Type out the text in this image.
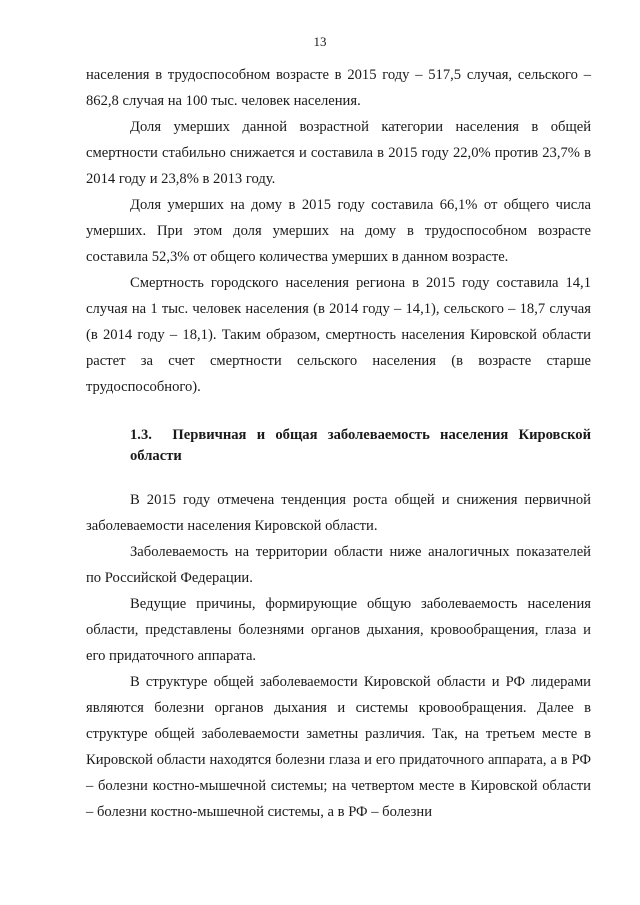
13

населения в трудоспособном возрасте в 2015 году – 517,5 случая, сельского – 862,8 случая на 100 тыс. человек населения.

Доля умерших данной возрастной категории населения в общей смертности стабильно снижается и составила в 2015 году 22,0% против 23,7% в 2014 году и 23,8% в 2013 году.

Доля умерших на дому в 2015 году составила 66,1% от общего числа умерших. При этом доля умерших на дому в трудоспособном возрасте составила 52,3% от общего количества умерших в данном возрасте.

Смертность городского населения региона в 2015 году составила 14,1 случая на 1 тыс. человек населения (в 2014 году – 14,1), сельского – 18,7 случая (в 2014 году – 18,1). Таким образом, смертность населения Кировской области растет за счет смертности сельского населения (в возрасте старше трудоспособного).

1.3. Первичная и общая заболеваемость населения Кировской области

В 2015 году отмечена тенденция роста общей и снижения первичной заболеваемости населения Кировской области.

Заболеваемость на территории области ниже аналогичных показателей по Российской Федерации.

Ведущие причины, формирующие общую заболеваемость населения области, представлены болезнями органов дыхания, кровообращения, глаза и его придаточного аппарата.

В структуре общей заболеваемости Кировской области и РФ лидерами являются болезни органов дыхания и системы кровообращения. Далее в структуре общей заболеваемости заметны различия. Так, на третьем месте в Кировской области находятся болезни глаза и его придаточного аппарата, а в РФ – болезни костно-мышечной системы; на четвертом месте в Кировской области – болезни костно-мышечной системы, а в РФ – болезни
